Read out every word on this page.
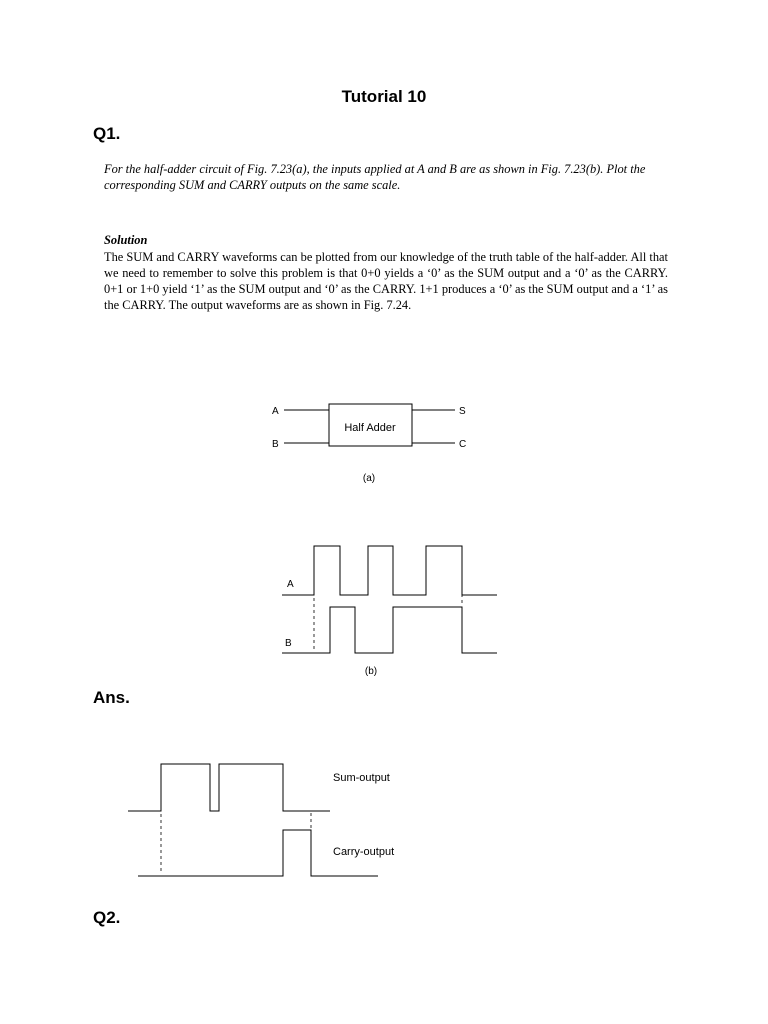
Tutorial 10
Q1.

For the half-adder circuit of Fig. 7.23(a), the inputs applied at A and B are as shown in Fig. 7.23(b). Plot the corresponding SUM and CARRY outputs on the same scale.

Solution

The SUM and CARRY waveforms can be plotted from our knowledge of the truth table of the half-adder. All that we need to remember to solve this problem is that 0+0 yields a ‘0’ as the SUM output and a ‘0’ as the CARRY. 0+1 or 1+0 yield ‘1’ as the SUM output and ‘0’ as the CARRY. 1+1 produces a ‘0’ as the SUM output and a ‘1’ as the CARRY. The output waveforms are as shown in Fig. 7.24.

Half Adder
A
B
S
C
(a)
A
B
(b)
Ans.
Sum-output
Carry-output
Q2.
